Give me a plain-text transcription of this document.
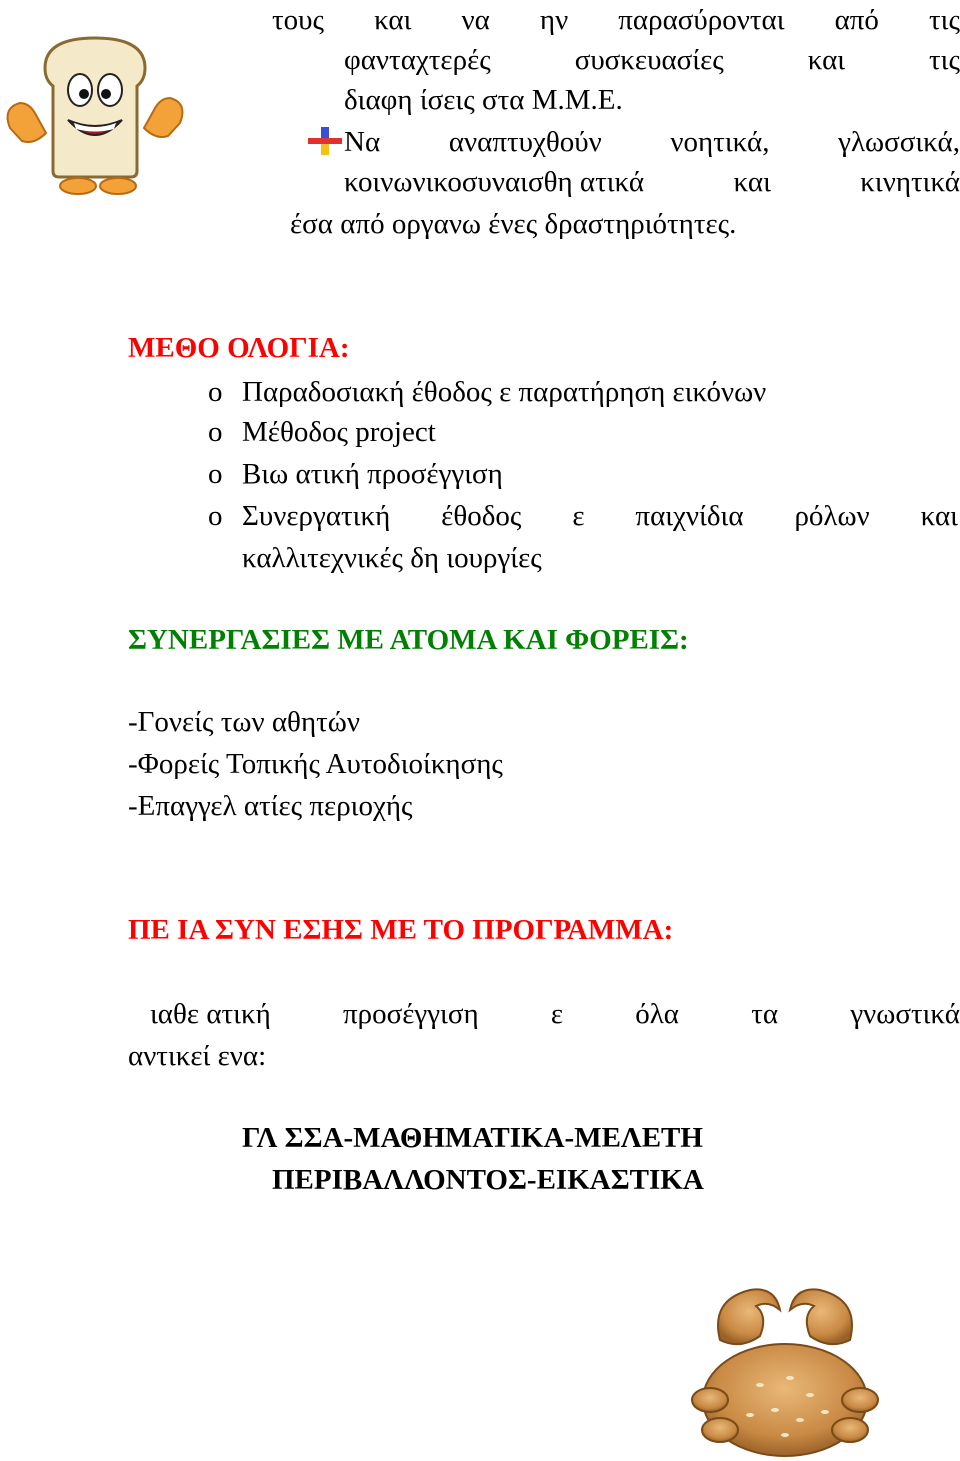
τους και να ην παρασύρονται από τις
φανταχτερές	συσκευασίες	και	τις
διαφη ίσεις στα Μ.Μ.Ε.
Να αναπτυχθούν νοητικά, γλωσσικά,
κοινωνικοσυναισθη ατικά	και	κινητικά
έσα από οργανω ένες δραστηριότητες.
ΜΕΘΟ ΟΛΟΓΙΑ:
o Παραδοσιακή έθοδος ε παρατήρηση εικόνων
o Μέθοδος project
o Βιω ατική προσέγγιση
o Συνεργατική έθοδος ε παιχνίδια ρόλων και
καλλιτεχνικές δη ιουργίες
ΣΥΝΕΡΓΑΣΙΕΣ ΜΕ ΑΤΟΜΑ ΚΑΙ ΦΟΡΕΙΣ:
-Γονείς των αθητών
-Φορείς Τοπικής Αυτοδιοίκησης
-Επαγγελ ατίες περιοχής
ΠΕ ΙΑ ΣΥΝ ΕΣΗΣ ΜΕ ΤΟ ΠΡΟΓΡΑΜΜΑ:
ιαθε ατική προσέγγιση ε όλα τα γνωστικά
αντικεί ενα:
ΓΛ ΣΣΑ-ΜΑΘΗΜΑΤΙΚΑ-ΜΕΛΕΤΗ
ΠΕΡΙΒΑΛΛΟΝΤΟΣ-ΕΙΚΑΣΤΙΚΑ
